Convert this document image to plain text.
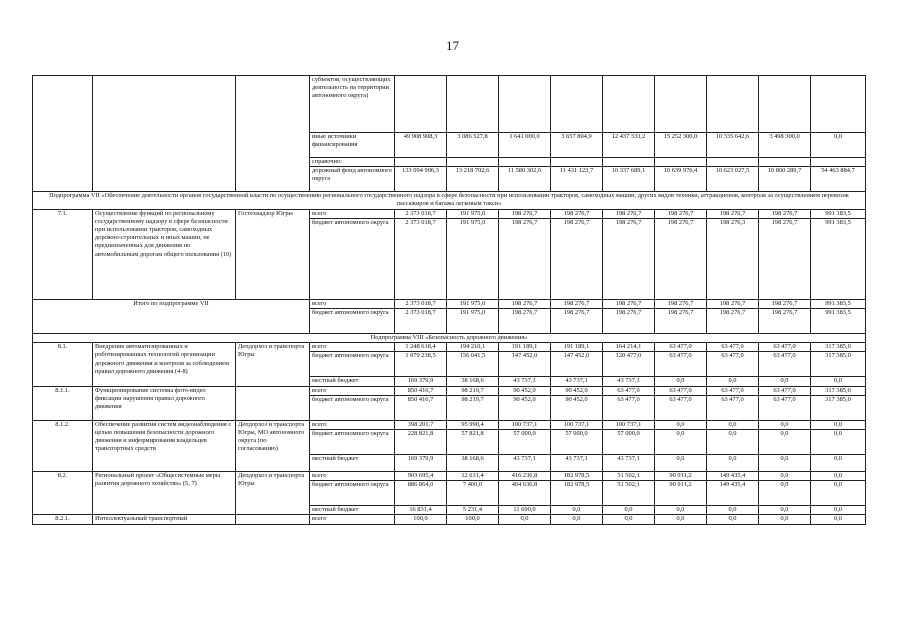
17
			субъектов, осуществляющих деятельность на территории автономного округа)									
			иные источники финансирования	49 908 908,3	3 086 527,8	1 641 000,0	3 657 804,9	12 437 333,2	15 252 300,0	10 335 642,6	3 498 300,0	0,0
			справочно:									
			дорожный фонд автономного округа	133 094 996,3	13 218 702,6	11 580 302,6	11 431 123,7	10 337 689,1	10 639 976,4	10 623 027,5	10 800 289,7	54 463 884,7
Подпрограмма VII «Обеспечение деятельности органов государственной власти по осуществлению регионального государственного надзора в сфере безопасности при использовании тракторов, самоходных машин, других видов техники, аттракционов, контроля за осуществлением перевозок пассажиров и багажа легковым такси»												
7.1.	Осуществление функций по региональному государственному надзору в сфере безопасности при использовании тракторов, самоходных дорожно-строительных и иных машин, не предназначенных для движения по автомобильным дорогам общего пользования (10)	Гостехнадзор Югры	всего	2 373 018,7	191 975,0	198 276,7	198 276,7	198 276,7	198 276,7	198 276,7	198 276,7	991 383,5
			бюджет автономного округа	2 373 018,7	191 975,0	198 276,7	198 276,7	198 276,7	198 276,7	198 276,3	198 276,7	991 383,5
Итого по подпрограмме VII			всего	2 373 018,7	191 975,0	198 276,7	198 276,7	198 276,7	198 276,7	198 276,7	198 276,7	991 383,5
			бюджет автономного округа	2 373 018,7	191 975,0	198 276,7	198 276,7	198 276,7	198 276,7	198 276,7	198 276,7	991 383,5
Подпрограмма VIII «Безопасность дорожного движения»												
8.1.	Внедрение автоматизированных и роботизированных технологий организации дорожного движения и контроля за соблюдением правил дорожного движения (4-8)	Депдорхоз и транспорта Югры	всего	1 248 618,4	194 210,1	191 189,1	191 189,1	164 214,1	63 477,0	63 477,0	63 477,0	317 385,0
			бюджет автономного округа	1 079 238,5	156 041,5	147 452,0	147 452,0	120 477,0	63 477,0	63 477,0	63 477,0	317 385,0
			местный бюджет	169 379,9	38 168,6	43 737,1	43 737,1	43 737,1	0,0	0,0	0,0	0,0
8.1.1.	Функционирование системы фото-видео фиксации нарушения правил дорожного движения		всего	850 416,7	98 219,7	90 452,0	90 452,0	63 477,0	63 477,0	63 477,0	63 477,0	317 385,0
			бюджет автономного округа	850 416,7	98 219,7	90 452,0	90 452,0	63 477,0	63 477,0	63 477,0	63 477,0	317 385,0
8.1.2.	Обеспечение развития систем видеонаблюдения с целью повышения безопасности дорожного движения и информирования владельцев транспортных средств	Депдорхоз и транспорта Югры, МО автономного округа (по согласованию)	всего	398 201,7	95 990,4	100 737,1	100 737,1	100 737,1	0,0	0,0	0,0	0,0
			бюджет автономного округа	228 821,8	57 821,8	57 000,0	57 000,0	57 000,0	0,0	0,0	0,0	0,0
			местный бюджет	169 379,9	38 168,6	43 737,1	43 737,1	43 737,1	0,0	0,0	0,0	0,0
8.2.	Региональный проект «Общесистемные меры развития дорожного хозяйства» (5, 7)	Депдорхоз и транспорта Югры	всего	903 695,4	12 631,4	416 236,8	182 978,5	51 502,1	90 911,2	149 435,4	0,0	0,0
			бюджет автономного округа	886 864,0	7 400,0	404 636,8	182 978,5	51 502,1	90 911,2	149 435,4	0,0	0,0
			местный бюджет	16 831,4	5 231,4	11 600,0	0,0	0,0	0,0	0,0	0,0	0,0
8.2.1.	Интеллектуальный транспортный		всего	100,0	100,0	0,0	0,0	0,0	0,0	0,0	0,0	0,0
